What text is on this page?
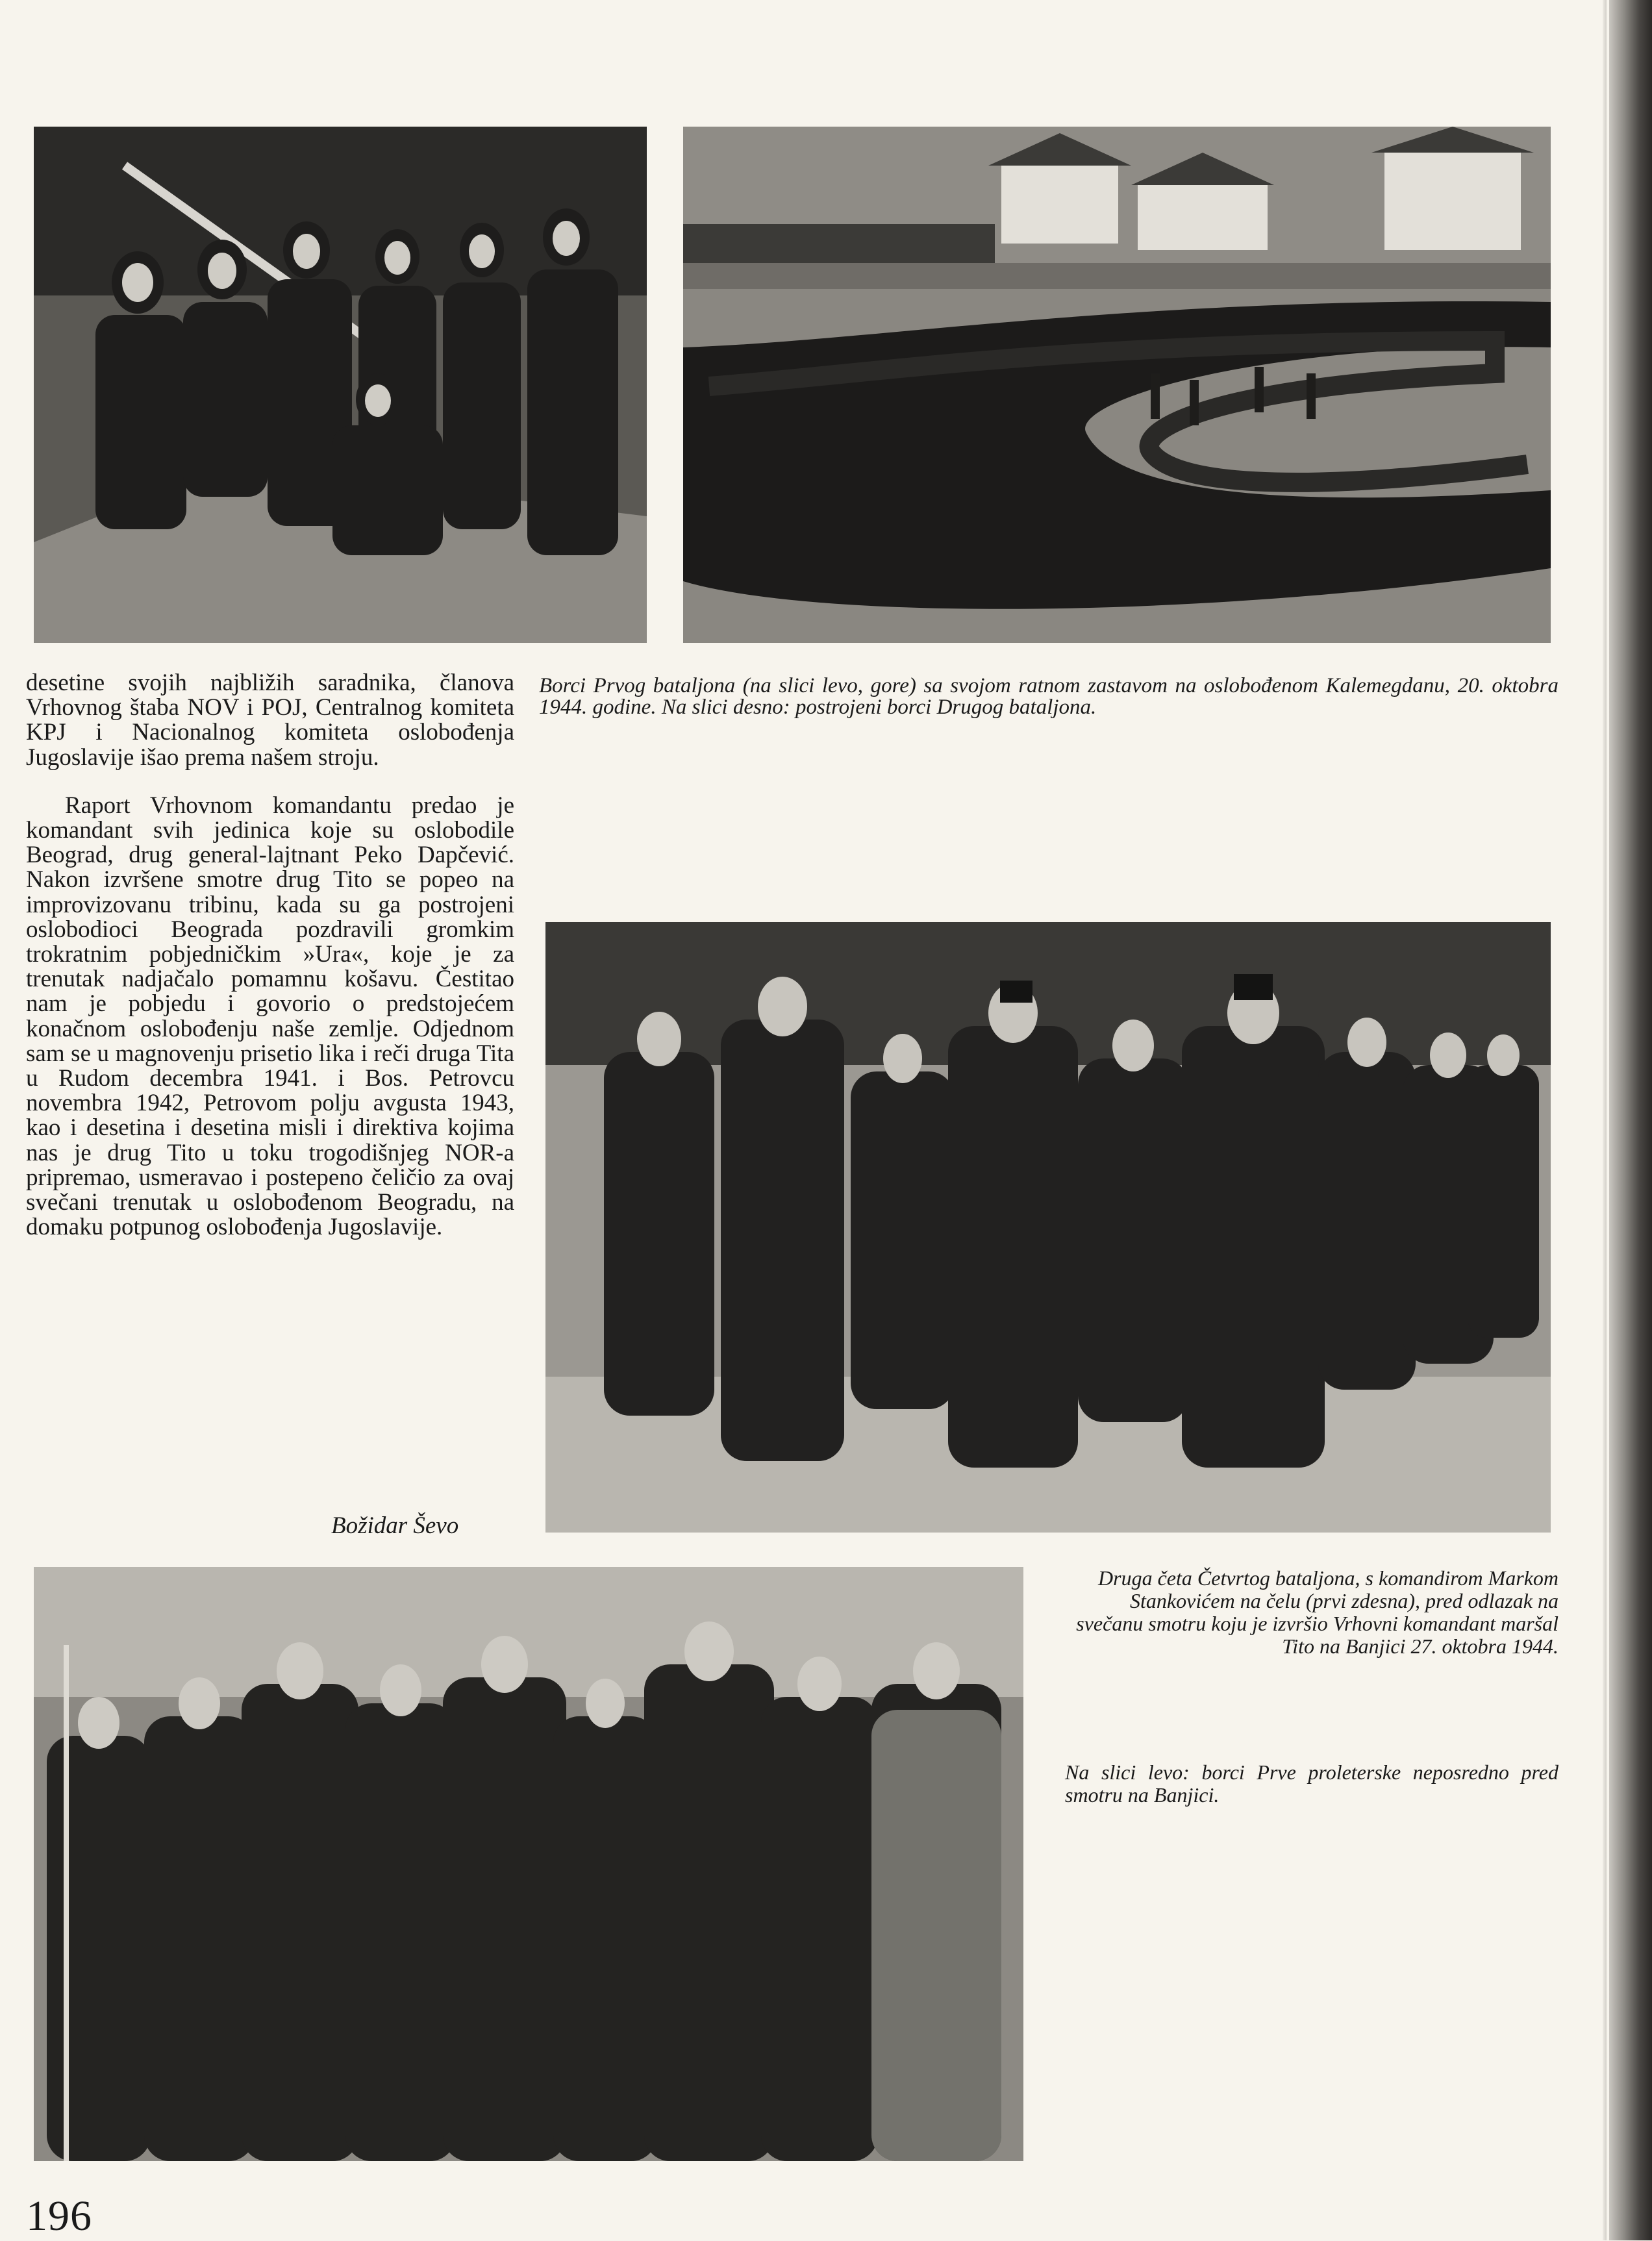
desetine svojih najbližih saradnika, članova Vrhovnog štaba NOV i POJ, Centralnog komiteta KPJ i Nacionalnog komiteta oslobođenja Jugoslavije išao prema našem stroju.

Raport Vrhovnom komandantu predao je komandant svih jedinica koje su oslobodile Beograd, drug general-lajtnant Peko Dapčević. Nakon izvršene smotre drug Tito se popeo na improvizovanu tribinu, kada su ga postrojeni oslobodioci Beograda pozdravili gromkim trokratnim pobjedničkim »Ura«, koje je za trenutak nadjačalo pomamnu košavu. Čestitao nam je pobjedu i govorio o predstojećem konačnom oslobođenju naše zemlje. Odjednom sam se u magnovenju prisetio lika i reči druga Tita u Rudom decembra 1941. i Bos. Petrovcu novembra 1942, Petrovom polju avgusta 1943, kao i desetina i desetina misli i direktiva kojima nas je drug Tito u toku trogodišnjeg NOR-a pripremao, usmeravao i postepeno čeličio za ovaj svečani trenutak u oslobođenom Beogradu, na domaku potpunog oslobođenja Jugoslavije.

Božidar Ševo
Borci Prvog bataljona (na slici levo, gore) sa svojom ratnom zastavom na oslobođenom Kalemegdanu, 20. oktobra 1944. godine. Na slici desno: postrojeni borci Drugog bataljona.
Druga četa Četvrtog bataljona, s komandirom Markom Stankovićem na čelu (prvi zdesna), pred odlazak na svečanu smotru koju je izvršio Vrhovni komandant maršal Tito na Banjici 27. oktobra 1944.
Na slici levo: borci Prve proleterske neposredno pred smotru na Banjici.
196
